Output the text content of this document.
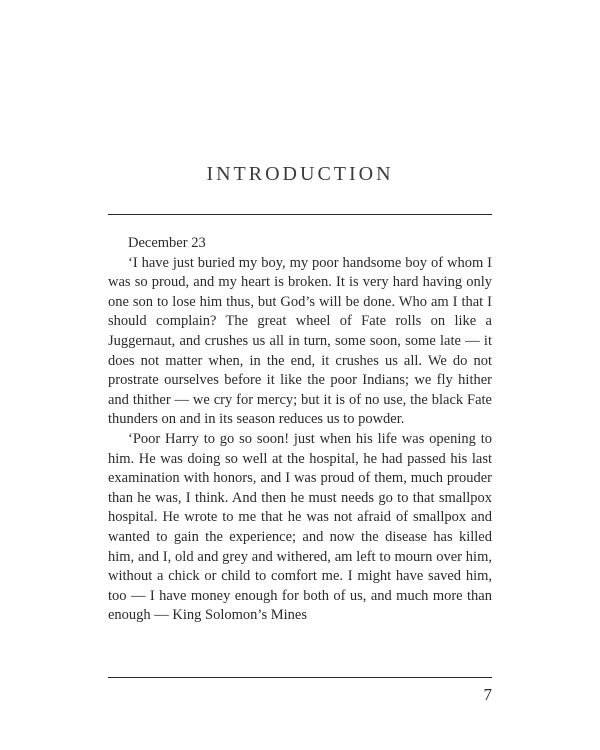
INTRODUCTION

December 23

‘I have just buried my boy, my poor handsome boy of whom I was so proud, and my heart is broken. It is very hard having only one son to lose him thus, but God’s will be done. Who am I that I should complain? The great wheel of Fate rolls on like a Juggernaut, and crushes us all in turn, some soon, some late — it does not matter when, in the end, it crushes us all. We do not prostrate ourselves before it like the poor Indians; we fly hither and thither — we cry for mercy; but it is of no use, the black Fate thunders on and in its season reduces us to powder.

‘Poor Harry to go so soon! just when his life was opening to him. He was doing so well at the hospital, he had passed his last examination with honors, and I was proud of them, much prouder than he was, I think. And then he must needs go to that smallpox hospital. He wrote to me that he was not afraid of smallpox and wanted to gain the experience; and now the disease has killed him, and I, old and grey and withered, am left to mourn over him, without a chick or child to comfort me. I might have saved him, too — I have money enough for both of us, and much more than enough — King Solomon’s Mines

7
